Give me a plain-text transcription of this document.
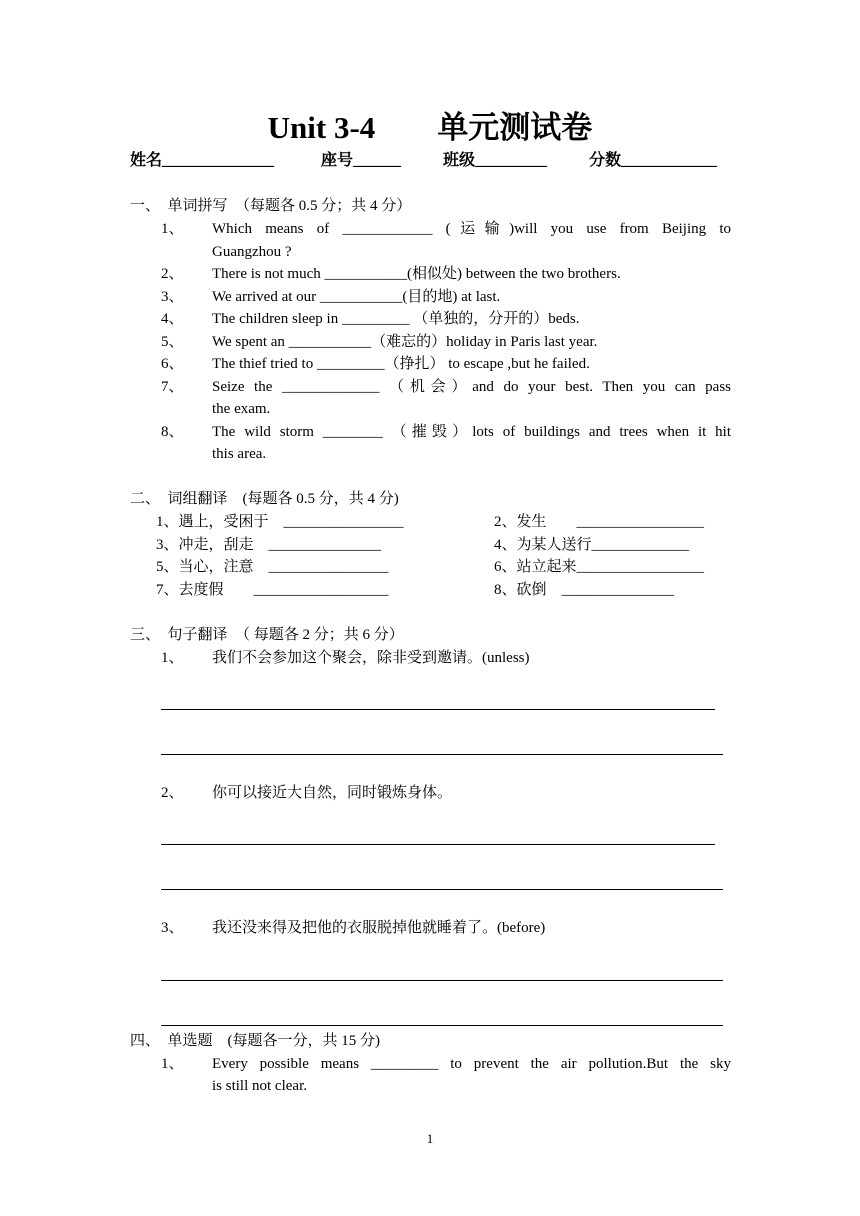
Unit 3-4 单元测试卷
姓名______________	座号______	班级_________	分数____________
一、　单词拼写　（每题各 0.5 分；共 4 分）
1、 Which means of ____________ (运输)will you use from Beijing to
Guangzhou ?
2、 There is not much ___________(相似处) between the two brothers.
3、 We arrived at our ___________(目的地) at last.
4、 The children sleep in _________ （单独的，分开的）beds.
5、 We spent an ___________（难忘的）holiday in Paris last year.
6、 The thief tried to _________（挣扎） to escape ,but he failed.
7、 Seize the _____________ （机会）and do your best. Then you can pass
the exam.
8、 The wild storm ________ （摧毁）lots of buildings and trees when it hit
this area.
二、　词组翻译　(每题各 0.5 分，共 4 分)
1、遇上，受困于　________________	2、发生　　_________________
3、冲走，刮走　_______________	4、为某人送行_____________
5、当心，注意　________________	6、站立起来_________________
7、去度假　　__________________	8、砍倒　_______________
三、　句子翻译　（ 每题各 2 分；共 6 分）
1、 我们不会参加这个聚会，除非受到邀请。(unless)
2、 你可以接近大自然，同时锻炼身体。
3、 我还没来得及把他的衣服脱掉他就睡着了。(before)
四、　单选题　(每题各一分，共 15 分)
1、 Every possible means _________ to prevent the air pollution.But the sky
is still not clear.
1
